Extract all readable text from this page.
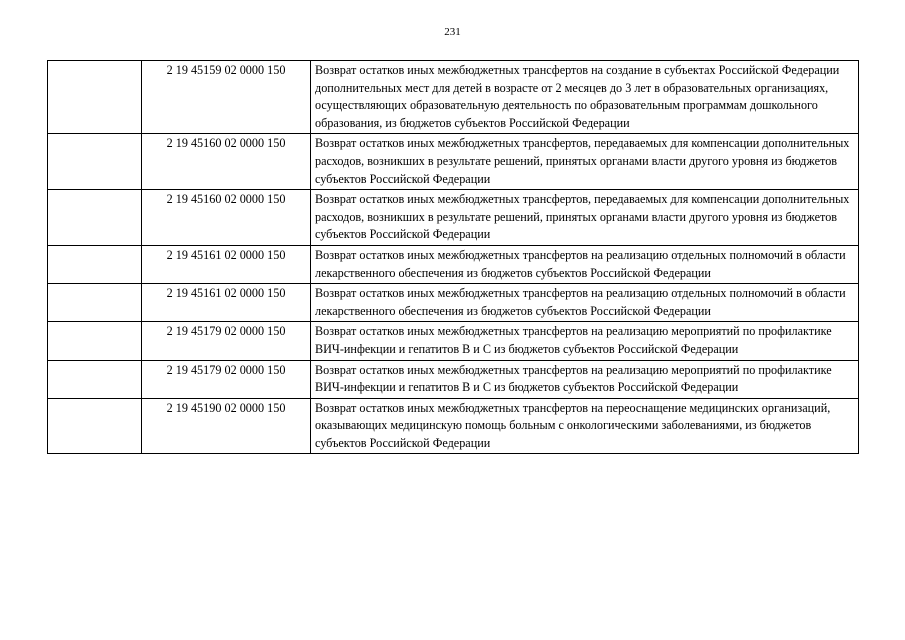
231
	2 19 45159 02 0000 150	Возврат остатков иных межбюджетных трансфертов на создание в субъектах Российской Федерации дополнительных мест для детей в возрасте от 2 месяцев до 3 лет в образовательных организациях, осуществляющих образовательную деятельность по образовательным программам дошкольного образования, из бюджетов субъектов Российской Федерации
	2 19 45160 02 0000 150	Возврат остатков иных межбюджетных трансфертов, передаваемых для компенсации дополнительных расходов, возникших в результате решений, принятых органами власти другого уровня из бюджетов субъектов Российской Федерации
	2 19 45160 02 0000 150	Возврат остатков иных межбюджетных трансфертов, передаваемых для компенсации дополнительных расходов, возникших в результате решений, принятых органами власти другого уровня из бюджетов субъектов Российской Федерации
	2 19 45161 02 0000 150	Возврат остатков иных межбюджетных трансфертов на реализацию отдельных полномочий в области лекарственного обеспечения из бюджетов субъектов Российской Федерации
	2 19 45161 02 0000 150	Возврат остатков иных межбюджетных трансфертов на реализацию отдельных полномочий в области лекарственного обеспечения из бюджетов субъектов Российской Федерации
	2 19 45179 02 0000 150	Возврат остатков иных межбюджетных трансфертов на реализацию мероприятий по профилактике ВИЧ-инфекции и гепатитов B и C из бюджетов субъектов Российской Федерации
	2 19 45179 02 0000 150	Возврат остатков иных межбюджетных трансфертов на реализацию мероприятий по профилактике ВИЧ-инфекции и гепатитов B и C из бюджетов субъектов Российской Федерации
	2 19 45190 02 0000 150	Возврат остатков иных межбюджетных трансфертов на переоснащение медицинских организаций, оказывающих медицинскую помощь больным с онкологическими заболеваниями, из бюджетов субъектов Российской Федерации
